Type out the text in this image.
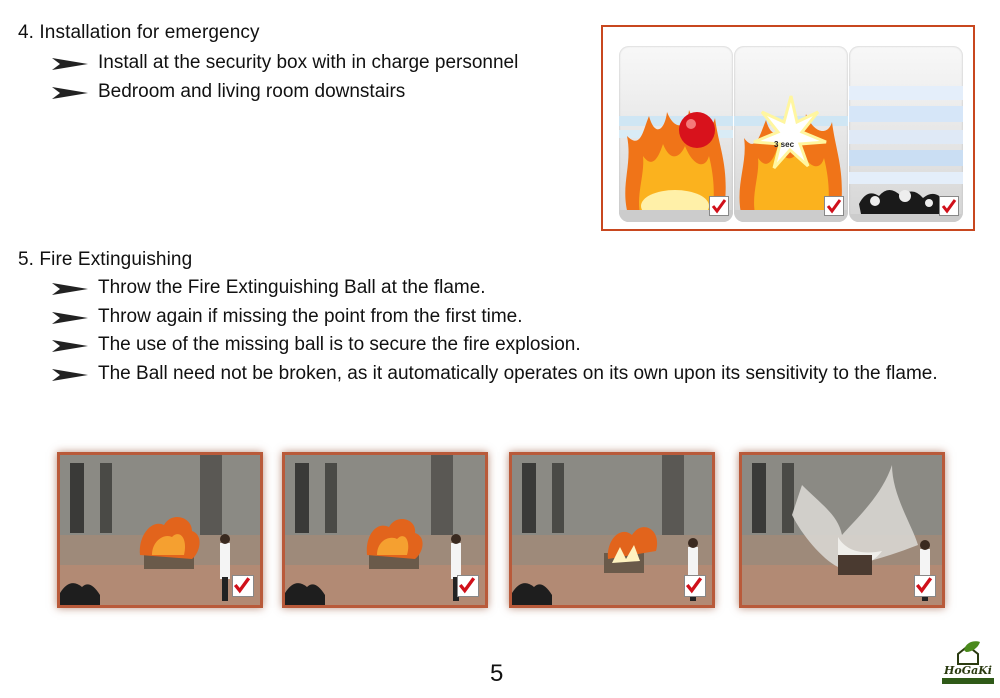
4. Installation for emergency
Install at the security box with in charge personnel
Bedroom and living room downstairs
3 sec
5. Fire Extinguishing
Throw the Fire Extinguishing Ball at the flame.
Throw again if missing the point from the first time.
The use of the missing ball is to secure the fire explosion.
The Ball need not be broken, as it automatically operates on its own upon its sensitivity to the flame.
5	HoGaKi
